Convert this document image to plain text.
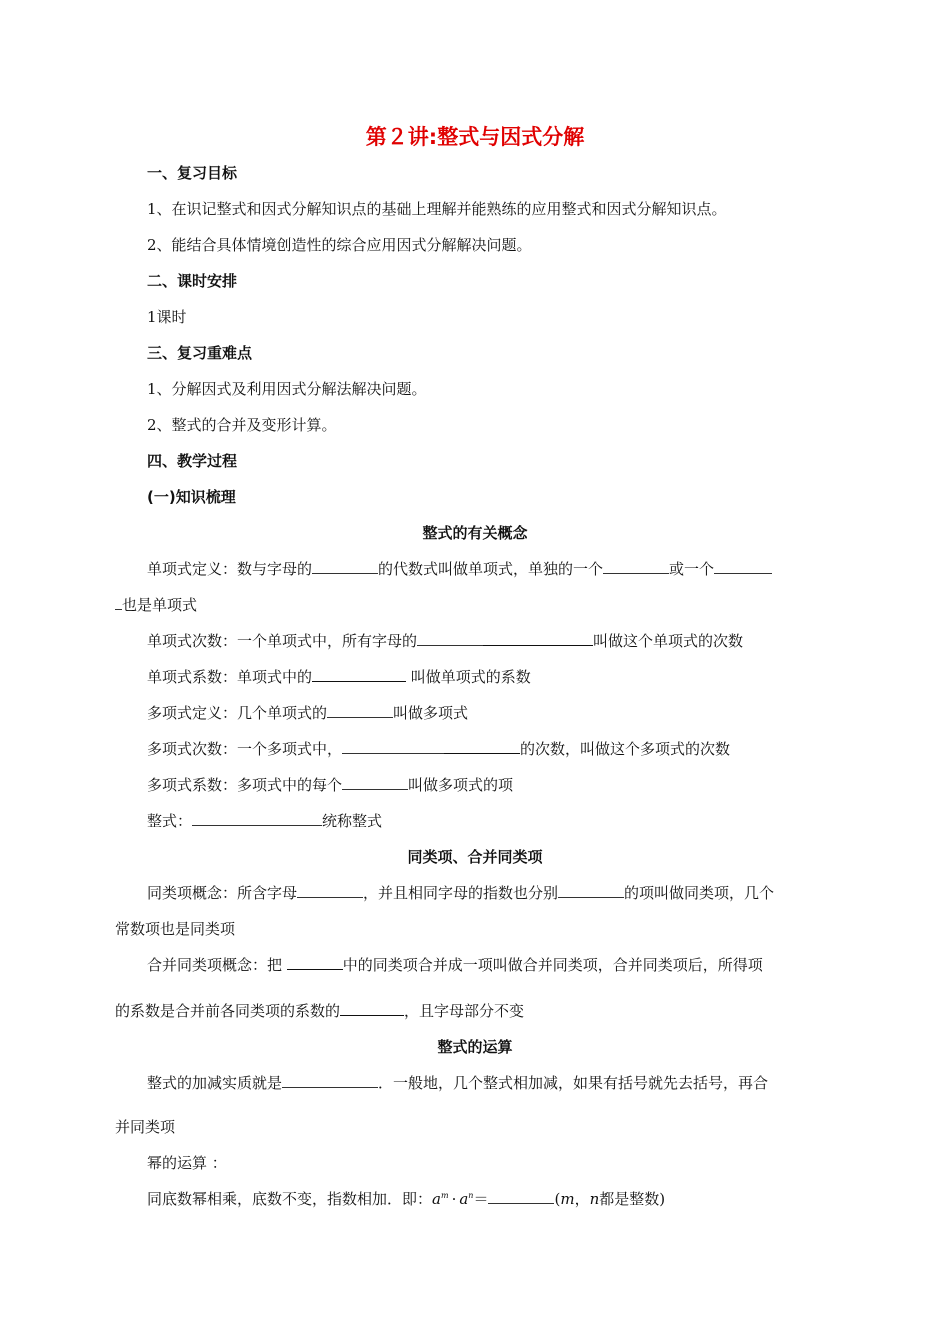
第２讲:整式与因式分解
一、复习目标
1、在识记整式和因式分解知识点的基础上理解并能熟练的应用整式和因式分解知识点。
2、能结合具体情境创造性的综合应用因式分解解决问题。
二、课时安排
1课时
三、复习重难点
1、分解因式及利用因式分解法解决问题。
2、整式的合并及变形计算。
四、教学过程
(一)知识梳理
整式的有关概念
单项式定义：数与字母的	的代数式叫做单项式，单独的一个	或一个
也是单项式
单项式次数：一个单项式中，所有字母的	叫做这个单项式的次数
单项式系数：单项式中的	叫做单项式的系数
多项式定义：几个单项式的	叫做多项式
多项式次数：一个多项式中，	的次数，叫做这个多项式的次数
多项式系数：多项式中的每个	叫做多项式的项
整式：	统称整式
同类项、合并同类项
同类项概念：所含字母	，并且相同字母的指数也分别	的项叫做同类项，几个
常数项也是同类项
合并同类项概念：把	中的同类项合并成一项叫做合并同类项，合并同类项后，所得项
的系数是合并前各同类项的系数的	，且字母部分不变
整式的运算
整式的加减实质就是	．一般地，几个整式相加减，如果有括号就先去括号，再合
并同类项
幂的运算 ：
同底数幂相乘，底数不变，指数相加．即：$a^m \cdot a^n=$	(m，n都是整数)
